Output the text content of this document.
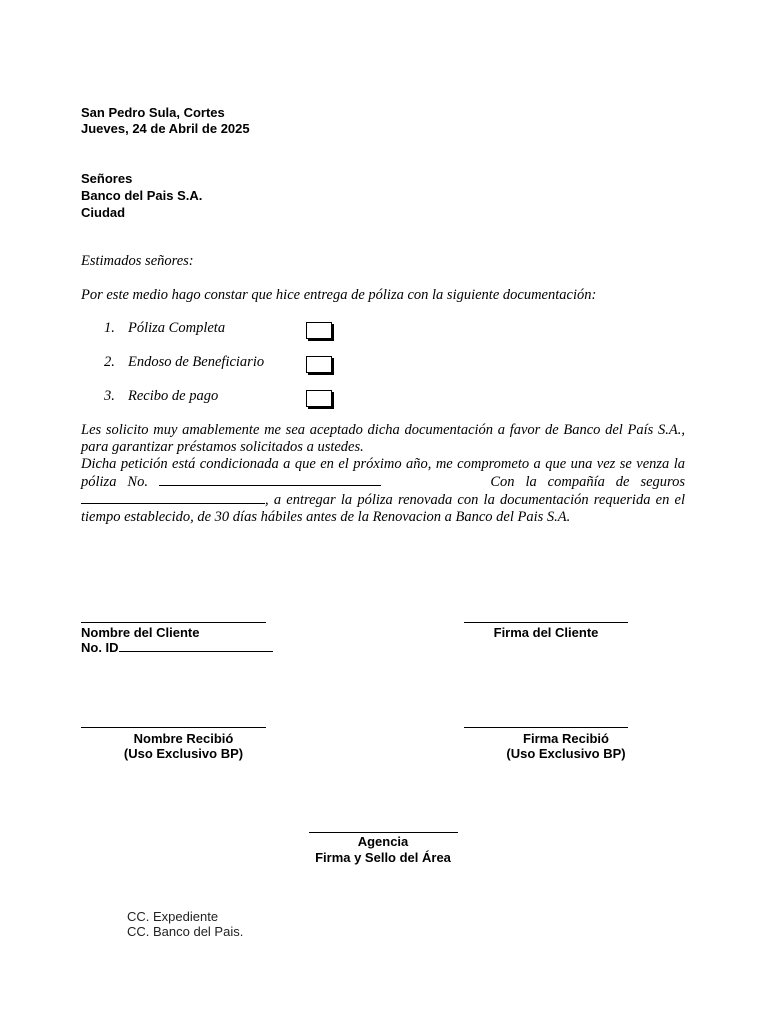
San Pedro Sula, Cortes
Jueves, 24 de Abril de 2025
Señores
Banco del Pais S.A.
Ciudad
Estimados señores:
Por este medio hago constar que hice entrega de póliza con la siguiente documentación:
1. Póliza Completa
2. Endoso de Beneficiario
3. Recibo de pago

Les solicito muy amablemente me sea aceptado dicha documentación a favor de Banco del País S.A., para garantizar préstamos solicitados a ustedes.

Dicha petición está condicionada a que en el próximo año, me comprometo a que una vez se venza la póliza No.	Con la compañía de seguros, a entregar la póliza renovada con la documentación requerida en el tiempo establecido, de 30 días hábiles antes de la Renovacion a Banco del Pais S.A.

Nombre del Cliente
No. ID
Firma del Cliente
Nombre Recibió
(Uso Exclusivo BP)
Firma Recibió
(Uso Exclusivo BP)
Agencia
Firma y Sello del Área
CC. Expediente
CC. Banco del Pais.
